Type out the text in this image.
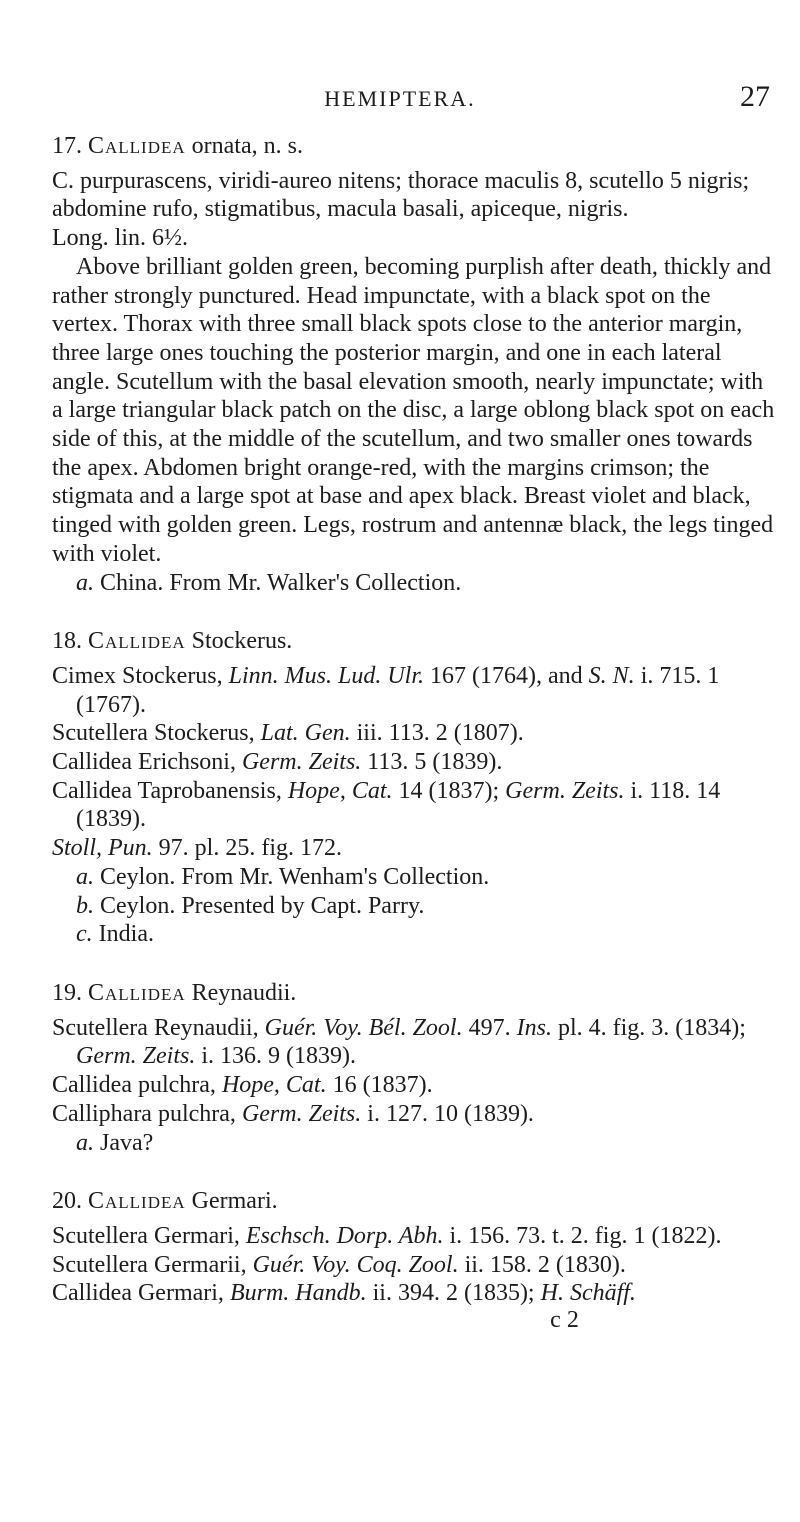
HEMIPTERA.	27

17. Callidea ornata, n. s.

C. purpurascens, viridi-aureo nitens; thorace maculis 8, scutello 5 nigris; abdomine rufo, stigmatibus, macula basali, apiceque, nigris.

Long. lin. 6½.

Above brilliant golden green, becoming purplish after death, thickly and rather strongly punctured. Head impunctate, with a black spot on the vertex. Thorax with three small black spots close to the anterior margin, three large ones touching the posterior margin, and one in each lateral angle. Scutellum with the basal elevation smooth, nearly impunctate; with a large triangular black patch on the disc, a large oblong black spot on each side of this, at the middle of the scutellum, and two smaller ones towards the apex. Abdomen bright orange-red, with the margins crimson; the stigmata and a large spot at base and apex black. Breast violet and black, tinged with golden green. Legs, rostrum and antennæ black, the legs tinged with violet.

a. China. From Mr. Walker's Collection.

18. Callidea Stockerus.

Cimex Stockerus, Linn. Mus. Lud. Ulr. 167 (1764), and S. N. i. 715. 1 (1767).

Scutellera Stockerus, Lat. Gen. iii. 113. 2 (1807).

Callidea Erichsoni, Germ. Zeits. 113. 5 (1839).

Callidea Taprobanensis, Hope, Cat. 14 (1837); Germ. Zeits. i. 118. 14 (1839).

Stoll, Pun. 97. pl. 25. fig. 172.

a. Ceylon. From Mr. Wenham's Collection.

b. Ceylon. Presented by Capt. Parry.

c. India.

19. Callidea Reynaudii.

Scutellera Reynaudii, Guér. Voy. Bél. Zool. 497. Ins. pl. 4. fig. 3. (1834); Germ. Zeits. i. 136. 9 (1839).

Callidea pulchra, Hope, Cat. 16 (1837).

Calliphara pulchra, Germ. Zeits. i. 127. 10 (1839).

a. Java?

20. Callidea Germari.

Scutellera Germari, Eschsch. Dorp. Abh. i. 156. 73. t. 2. fig. 1 (1822).

Scutellera Germarii, Guér. Voy. Coq. Zool. ii. 158. 2 (1830).

Callidea Germari, Burm. Handb. ii. 394. 2 (1835); H. Schäff.

c 2
